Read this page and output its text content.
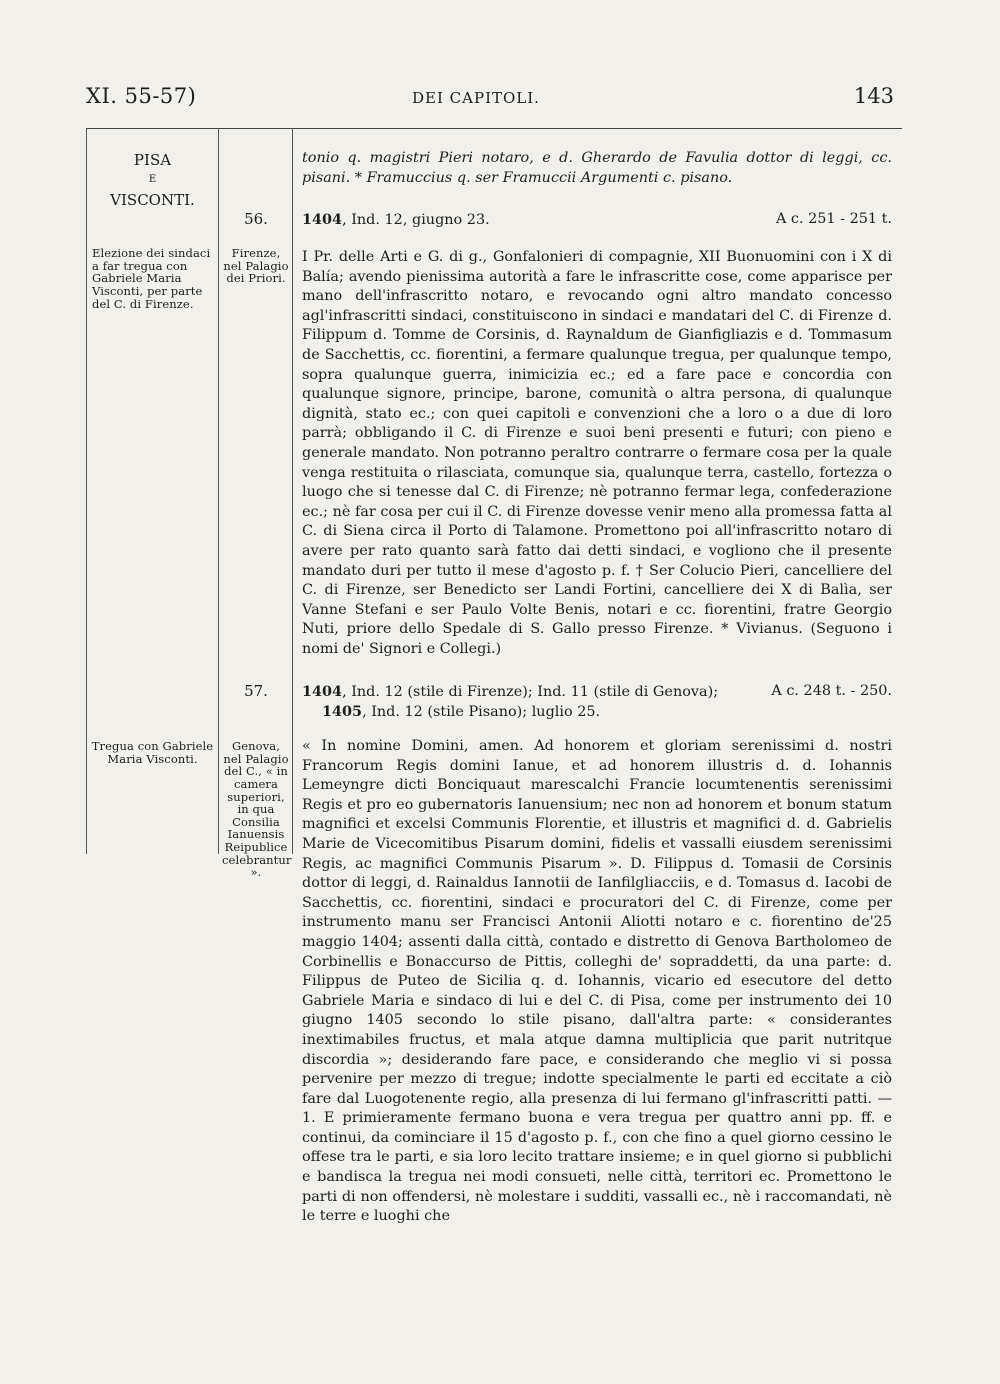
XI. 55-57)	DEI CAPITOLI.	143
PISA
E
VISCONTI.
tonio q. magistri Pieri notaro, e d. Gherardo de Favulia dottor di leggi, cc. pisani. * Framuccius q. ser Framuccii Argumenti c. pisano.
56.	1404, Ind. 12, giugno 23.	A c. 251 - 251 t.
Elezione dei sindaci a far tregua con Gabriele Maria Visconti, per parte del C. di Firenze.
Firenze, nel Palagio dei Priori.
I Pr. delle Arti e G. di g., Gonfalonieri di compagnie, XII Buonuomini con i X di Balía; avendo pienissima autorità a fare le infrascritte cose, come apparisce per mano dell'infrascritto notaro, e revocando ogni altro mandato concesso agl'infrascritti sindaci, constituiscono in sindaci e mandatari del C. di Firenze d. Filippum d. Tomme de Corsinis, d. Raynaldum de Gianfigliazis e d. Tommasum de Sacchettis, cc. fiorentini, a fermare qualunque tregua, per qualunque tempo, sopra qualunque guerra, inimicizia ec.; ed a fare pace e concordia con qualunque signore, principe, barone, comunità o altra persona, di qualunque dignità, stato ec.; con quei capitoli e convenzioni che a loro o a due di loro parrà; obbligando il C. di Firenze e suoi beni presenti e futuri; con pieno e generale mandato. Non potranno peraltro contrarre o fermare cosa per la quale venga restituita o rilasciata, comunque sia, qualunque terra, castello, fortezza o luogo che si tenesse dal C. di Firenze; nè potranno fermar lega, confederazione ec.; nè far cosa per cui il C. di Firenze dovesse venir meno alla promessa fatta al C. di Siena circa il Porto di Talamone. Promettono poi all'infrascritto notaro di avere per rato quanto sarà fatto dai detti sindaci, e vogliono che il presente mandato duri per tutto il mese d'agosto p. f. † Ser Colucio Pieri, cancelliere del C. di Firenze, ser Benedicto ser Landi Fortini, cancelliere dei X di Balìa, ser Vanne Stefani e ser Paulo Volte Benis, notari e cc. fiorentini, fratre Georgio Nuti, priore dello Spedale di S. Gallo presso Firenze. * Vivianus. (Seguono i nomi de' Signori e Collegi.)
57.	1404, Ind. 12 (stile di Firenze); Ind. 11 (stile di Genova);	A c. 248 t. - 250.
1405, Ind. 12 (stile Pisano); luglio 25.
Tregua con Gabriele Maria Visconti.
Genova, nel Palagio del C., « in camera superiori, in qua Consilia Ianuensis Reipublice celebrantur ».
« In nomine Domini, amen. Ad honorem et gloriam serenissimi d. nostri Francorum Regis domini Ianue, et ad honorem illustris d. d. Iohannis Lemeyngre dicti Bonciquaut marescalchi Francie locumtenentis serenissimi Regis et pro eo gubernatoris Ianuensium; nec non ad honorem et bonum statum magnifici et excelsi Communis Florentie, et illustris et magnifici d. d. Gabrielis Marie de Vicecomitibus Pisarum domini, fidelis et vassalli eiusdem serenissimi Regis, ac magnifici Communis Pisarum ». D. Filippus d. Tomasii de Corsinis dottor di leggi, d. Rainaldus Iannotii de Ianfilgliacciis, e d. Tomasus d. Iacobi de Sacchettis, cc. fiorentini, sindaci e procuratori del C. di Firenze, come per instrumento manu ser Francisci Antonii Aliotti notaro e c. fiorentino de'25 maggio 1404; assenti dalla città, contado e distretto di Genova Bartholomeo de Corbinellis e Bonaccurso de Pittis, colleghi de' sopraddetti, da una parte: d. Filippus de Puteo de Sicilia q. d. Iohannis, vicario ed esecutore del detto Gabriele Maria e sindaco di lui e del C. di Pisa, come per instrumento dei 10 giugno 1405 secondo lo stile pisano, dall'altra parte: « considerantes inextimabiles fructus, et mala atque damna multiplicia que parit nutritque discordia »; desiderando fare pace, e considerando che meglio vi si possa pervenire per mezzo di tregue; indotte specialmente le parti ed eccitate a ciò fare dal Luogotenente regio, alla presenza di lui fermano gl'infrascritti patti. — 1. E primieramente fermano buona e vera tregua per quattro anni pp. ff. e continui, da cominciare il 15 d'agosto p. f., con che fino a quel giorno cessino le offese tra le parti, e sia loro lecito trattare insieme; e in quel giorno si pubblichi e bandisca la tregua nei modi consueti, nelle città, territori ec. Promettono le parti di non offendersi, nè molestare i sudditi, vassalli ec., nè i raccomandati, nè le terre e luoghi che
